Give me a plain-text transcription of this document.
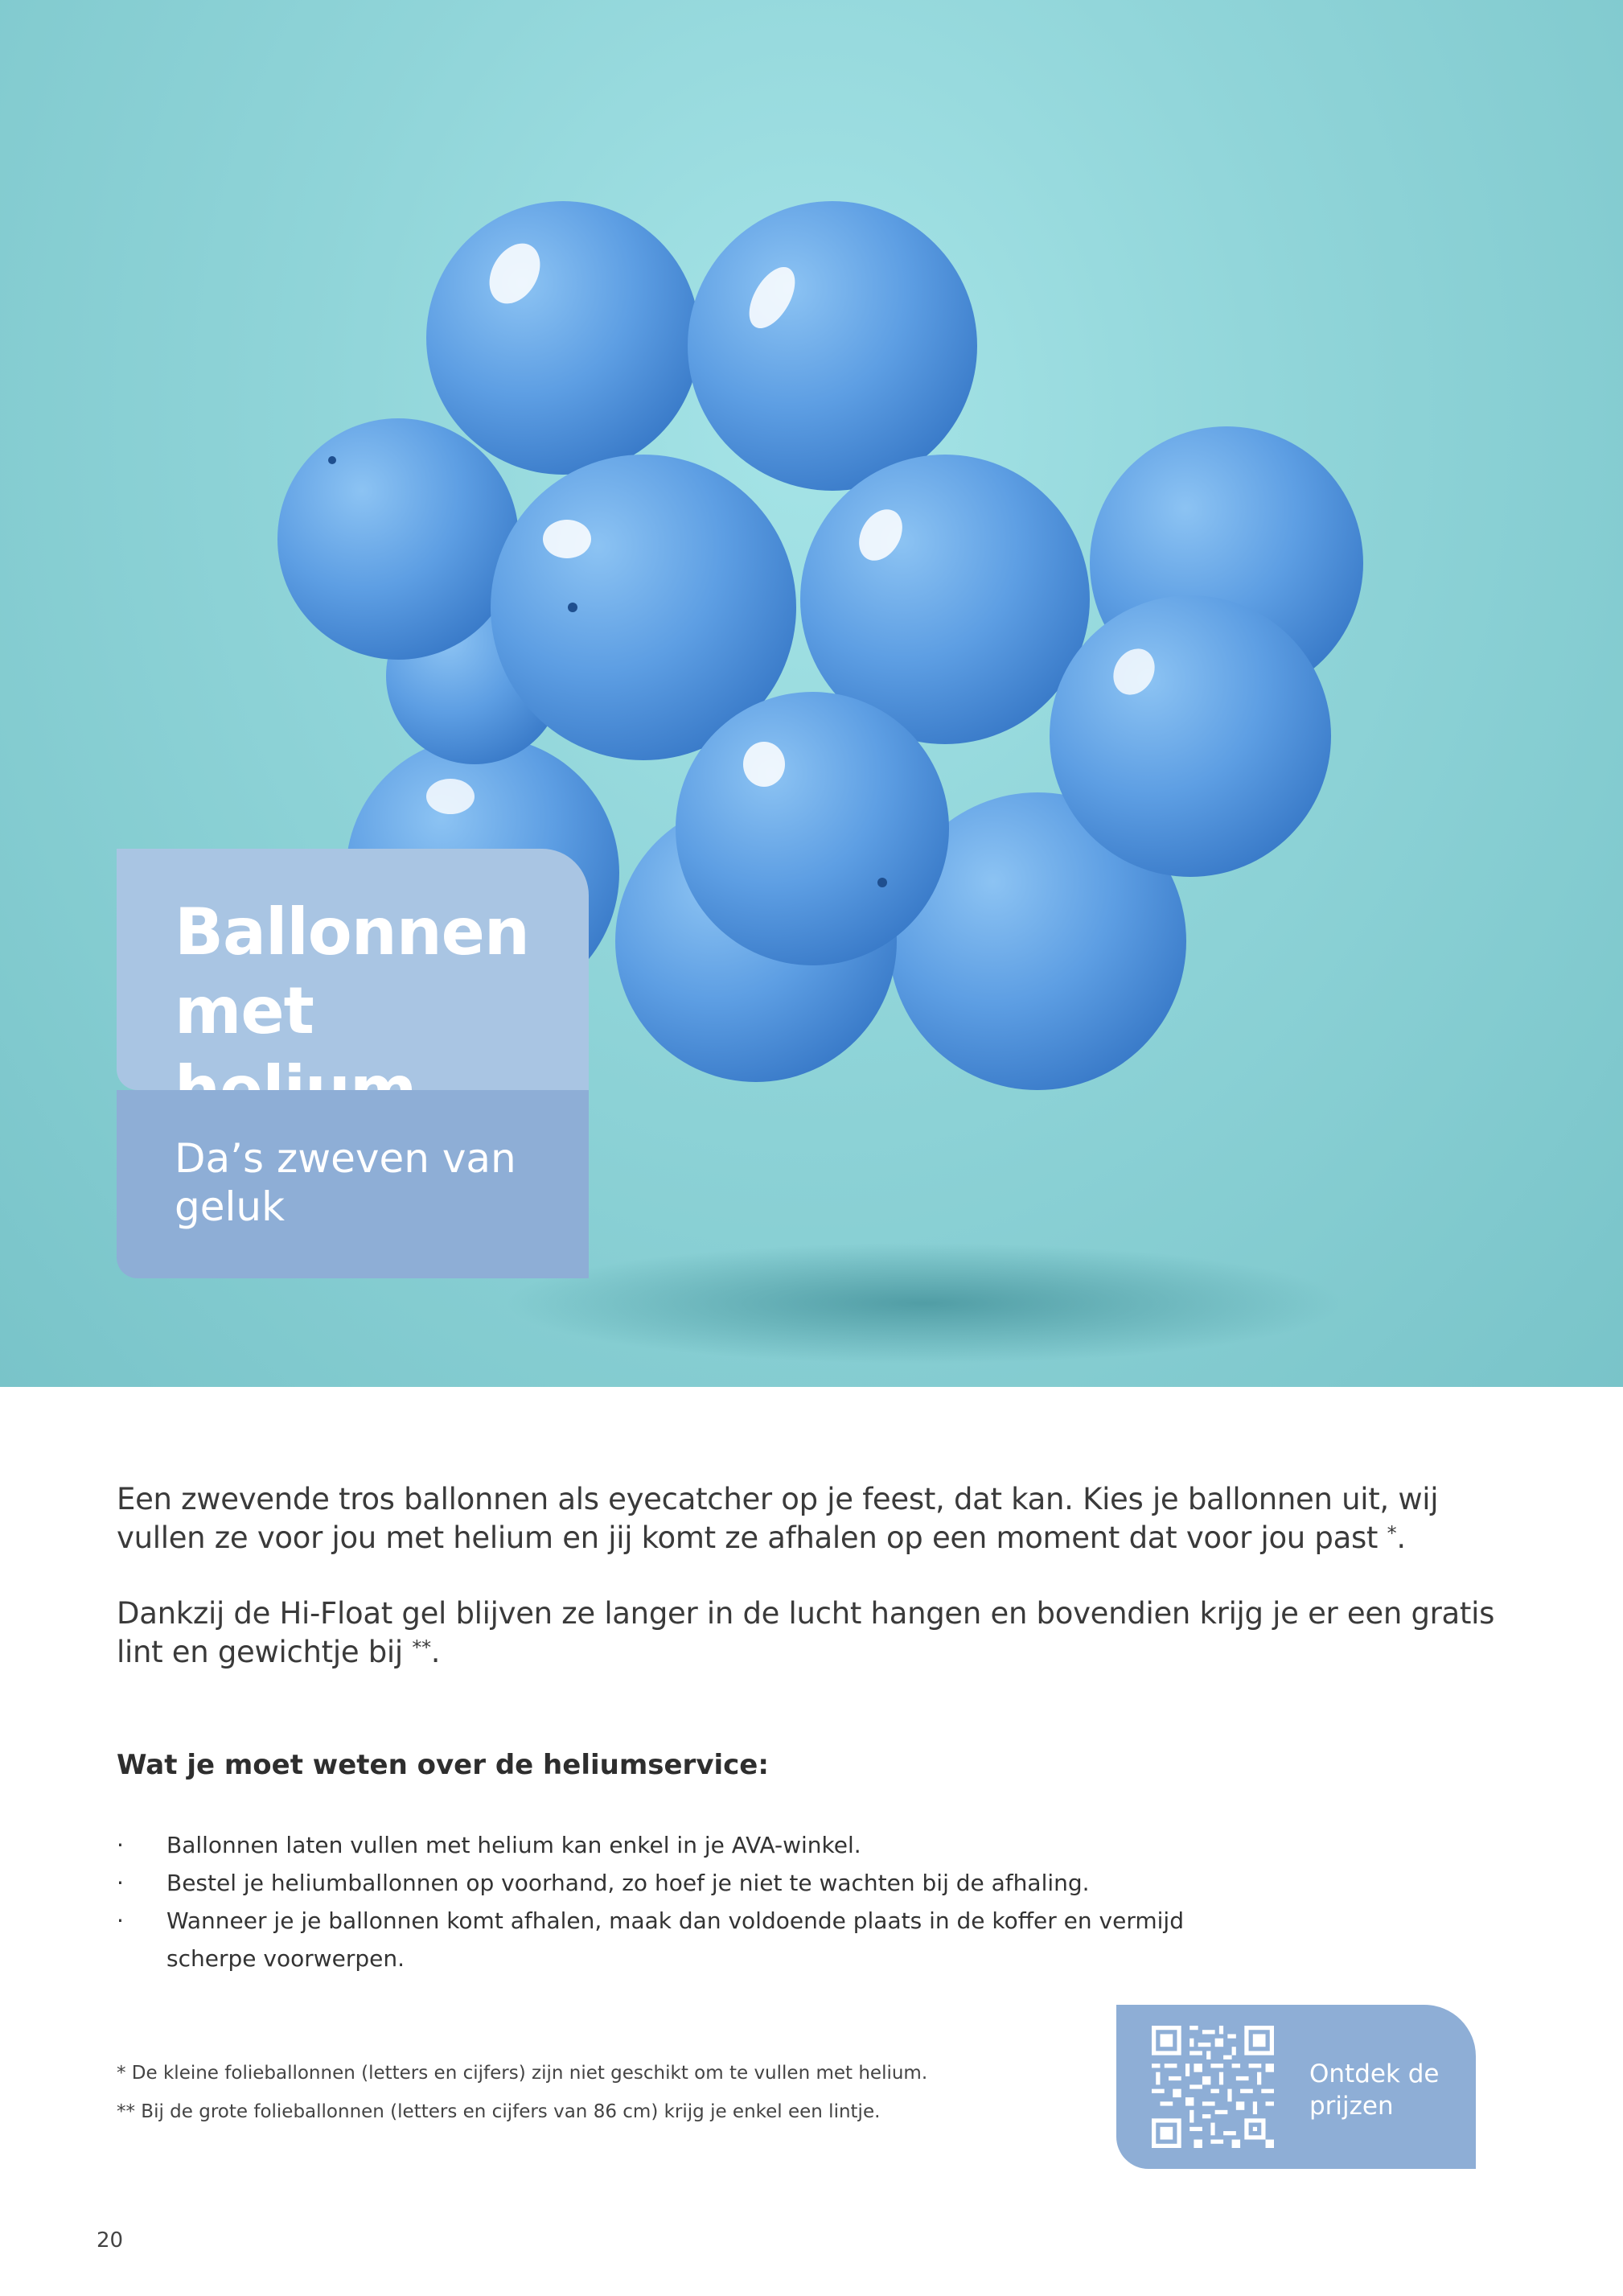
Ballonnen met

Da’s zweven van geluk

Een zwevende tros ballonnen als eyecatcher op je feest, dat kan. Kies je ballonnen uit, wij vullen ze voor jou met helium en jij komt ze afhalen op een moment dat voor jou past *.

Dankzij de Hi-Float gel blijven ze langer in de lucht hangen en bovendien krijg je er een gratis lint en gewichtje bij **.

Wat je moet weten over de heliumservice:
· Ballonnen laten vullen met helium kan enkel in je AVA-winkel.
· Bestel je heliumballonnen op voorhand, zo hoef je niet te wachten bij de afhaling.
· Wanneer je je ballonnen komt afhalen, maak dan voldoende plaats in de koffer en vermijd scherpe voorwerpen.

* De kleine folieballonnen (letters en cijfers) zijn niet geschikt om te vullen met helium.

** Bij de grote folieballonnen (letters en cijfers van 86 cm) krijg je enkel een lintje.

Ontdek de prijzen

20
